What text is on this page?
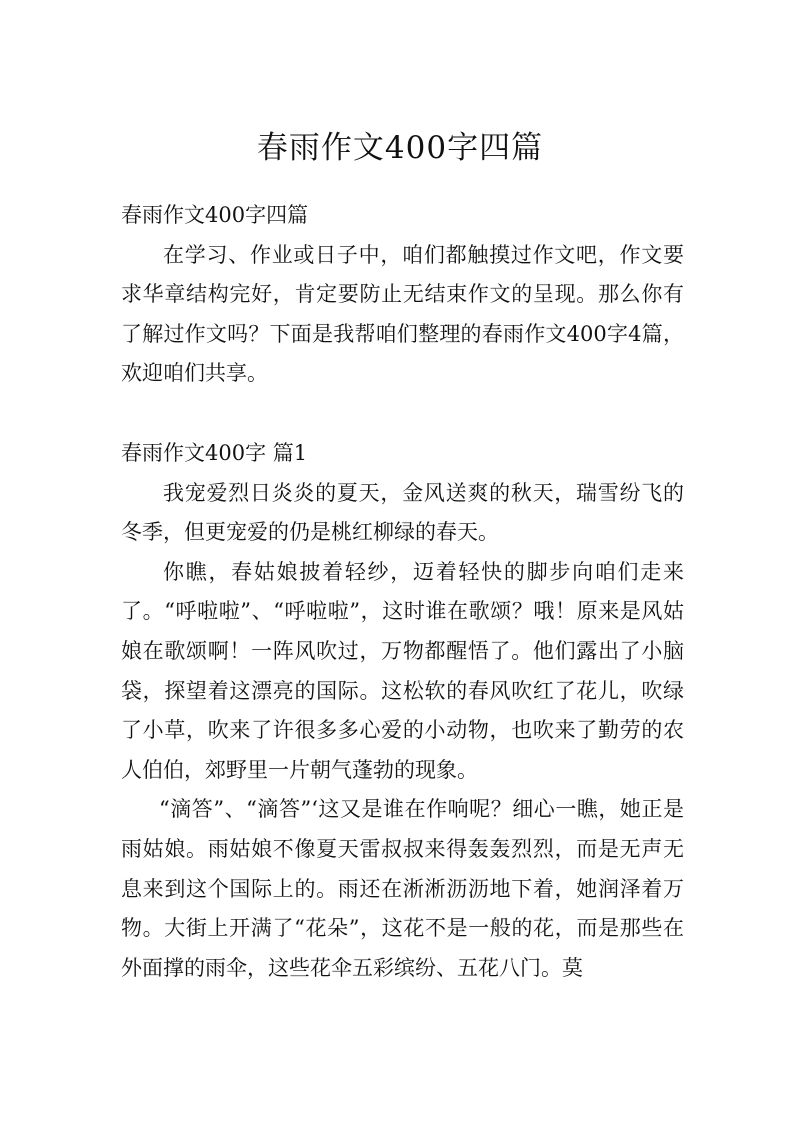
春雨作文400字四篇

春雨作文400字四篇

在学习、作业或日子中，咱们都触摸过作文吧，作文要求华章结构完好，肯定要防止无结束作文的呈现。那么你有了解过作文吗？下面是我帮咱们整理的春雨作文400字4篇，欢迎咱们共享。

春雨作文400字 篇1

我宠爱烈日炎炎的夏天，金风送爽的秋天，瑞雪纷飞的冬季，但更宠爱的仍是桃红柳绿的春天。

你瞧，春姑娘披着轻纱，迈着轻快的脚步向咱们走来了。“呼啦啦”、“呼啦啦”，这时谁在歌颂？哦！原来是风姑娘在歌颂啊！一阵风吹过，万物都醒悟了。他们露出了小脑袋，探望着这漂亮的国际。这松软的春风吹红了花儿，吹绿了小草，吹来了许很多多心爱的小动物，也吹来了勤劳的农人伯伯，郊野里一片朝气蓬勃的现象。

“滴答”、“滴答”‘这又是谁在作响呢？细心一瞧，她正是雨姑娘。雨姑娘不像夏天雷叔叔来得轰轰烈烈，而是无声无息来到这个国际上的。雨还在淅淅沥沥地下着，她润泽着万物。大街上开满了“花朵”，这花不是一般的花，而是那些在外面撑的雨伞，这些花伞五彩缤纷、五花八门。莫
